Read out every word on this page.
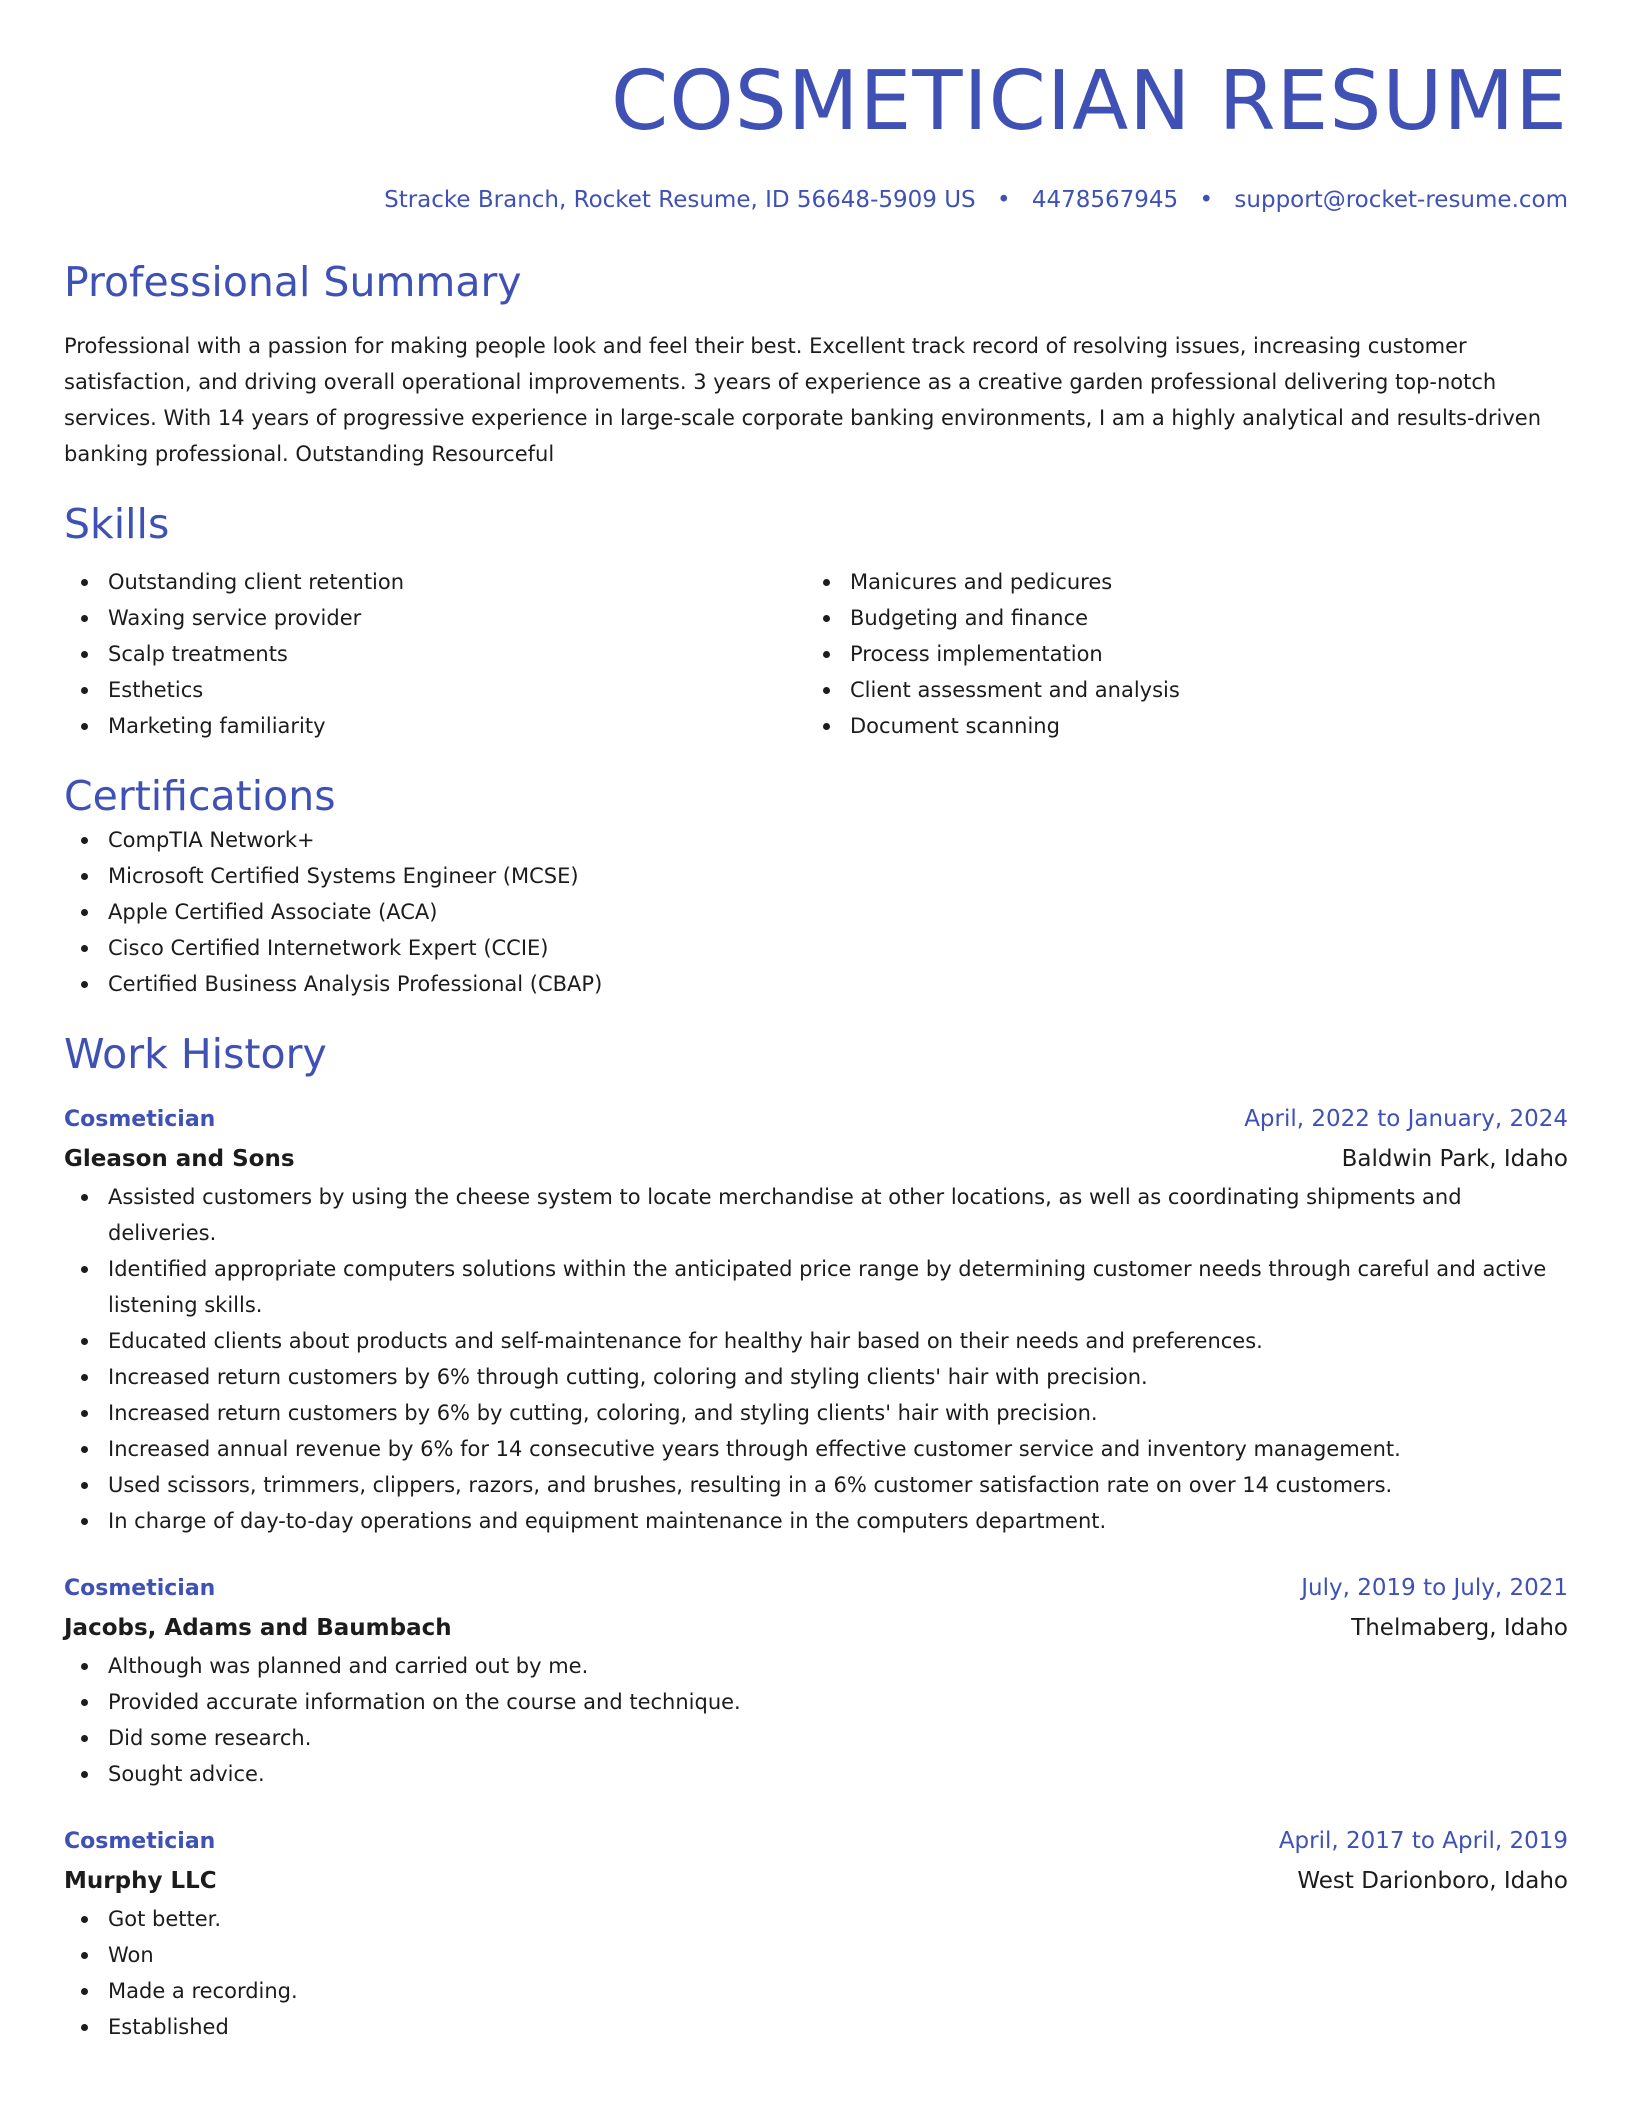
COSMETICIAN RESUME
Stracke Branch, Rocket Resume, ID 56648-5909 US • 4478567945 • support@rocket-resume.com
Professional Summary

Professional with a passion for making people look and feel their best. Excellent track record of resolving issues, increasing customer satisfaction, and driving overall operational improvements. 3 years of experience as a creative garden professional delivering top-notch services. With 14 years of progressive experience in large-scale corporate banking environments, I am a highly analytical and results-driven banking professional. Outstanding Resourceful

Skills
Outstanding client retention
Waxing service provider
Scalp treatments
Esthetics
Marketing familiarity
Manicures and pedicures
Budgeting and finance
Process implementation
Client assessment and analysis
Document scanning
Certifications
CompTIA Network+
Microsoft Certified Systems Engineer (MCSE)
Apple Certified Associate (ACA)
Cisco Certified Internetwork Expert (CCIE)
Certified Business Analysis Professional (CBAP)
Work History
Cosmetician	April, 2022 to January, 2024
Gleason and Sons	Baldwin Park, Idaho
Assisted customers by using the cheese system to locate merchandise at other locations, as well as coordinating shipments and deliveries.
Identified appropriate computers solutions within the anticipated price range by determining customer needs through careful and active listening skills.
Educated clients about products and self-maintenance for healthy hair based on their needs and preferences.
Increased return customers by 6% through cutting, coloring and styling clients' hair with precision.
Increased return customers by 6% by cutting, coloring, and styling clients' hair with precision.
Increased annual revenue by 6% for 14 consecutive years through effective customer service and inventory management.
Used scissors, trimmers, clippers, razors, and brushes, resulting in a 6% customer satisfaction rate on over 14 customers.
In charge of day-to-day operations and equipment maintenance in the computers department.
Cosmetician	July, 2019 to July, 2021
Jacobs, Adams and Baumbach	Thelmaberg, Idaho
Although was planned and carried out by me.
Provided accurate information on the course and technique.
Did some research.
Sought advice.
Cosmetician	April, 2017 to April, 2019
Murphy LLC	West Darionboro, Idaho
Got better.
Won
Made a recording.
Established
